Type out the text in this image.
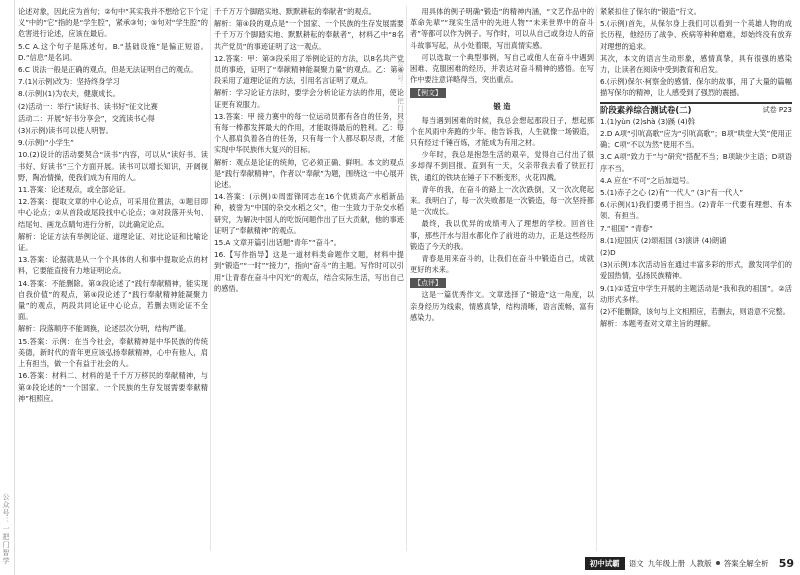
公众号：一把门智学

论述对象，因此应为首句；②句中“其实我并不想给它下个定义”中的“它”指的是“学生腔”，紧承③句；⑤句对“学生腔”的危害进行论述，应该在最后。

5.C A.这个句子是陈述句。B.“基础设施”是偏正短语。D.“信息”是名词。

6.C 说法一般是正确的观点，但是无法证明自己的观点。

7.(1)(示例)改为：坚持终身学习

8.(示例)(1)为农夫，健康成长。

(2)活动一：举行“读好书、读书好”征文比赛

活动二：开展“好书分享会”，交流读书心得

(3)(示例)读书可以使人明智。

9.(示例)“小学生”

10.(2)设计的活动要契合“读书”内容，可以从“读好书、读书好、好读书”三个方面开展。读书可以增长知识，开阔视野，陶冶情操，使我们成为有用的人。

11.答案：论述观点，或全部论证。

12.答案：提取文章的中心论点，可采用位置法，①题目即中心论点；②从首段或尾段找中心论点；③对段落开头句、结尾句、画龙点睛句进行分析，以此确定论点。

解析：论证方法有举例论证、道理论证、对比论证和比喻论证。

13.答案：论据就是从一个个具体的人和事中提取论点的材料，它要能直接有力地证明论点。

14.答案：不能删除。第③段论述了“践行奉献精神，能实现自我价值”的观点，第④段论述了“践行奉献精神能凝聚力量”的观点，两段共同论证中心论点，若删去则论证不全面。

解析：段落顺序不能调换，论述层次分明，结构严谨。

15.答案：示例：在当今社会，奉献精神是中华民族的传统美德，新时代的青年更应该弘扬奉献精神，心中有他人，肩上有担当，做一个有益于社会的人。

16.答案：材料二、材料的是千千万万移民的奉献精神，与第③段论述的“一个国家、一个民族的生存发展需要奉献精神”相照应。

千千万万个脚踏实地、默默耕耘的奉献者”的观点。

解析：第④段的观点是“一个国家、一个民族的生存发展需要千千万万个脚踏实地、默默耕耘的奉献者”，材料乙中“8名共产党员”的事迹证明了这一观点。

12.答案：甲：第③段采用了举例论证的方法，以8名共产党员的事迹，证明了“奉献精神能凝聚力量”的观点。乙：第④段采用了道理论证的方法，引用名言证明了观点。

解析：学习论证方法时，要学会分析论证方法的作用，使论证更有说服力。

13.答案：甲 接力赛中的每一位运动员都有各自的任务，只有每一棒都发挥最大的作用，才能取得最后的胜利。乙：每个人都肩负着各自的任务，只有每一个人都尽职尽责，才能实现中华民族伟大复兴的目标。

解析：观点是论证的统帅，它必须正确、鲜明。本文的观点是“践行奉献精神”，作者以“奉献”为题，围绕这一中心展开论述。

14.答案：(示例)①周雷锋同志在16个优质高产水稻新品种，被誉为“中国的杂交水稻之父”，他一生致力于杂交水稻研究，为解决中国人的吃饭问题作出了巨大贡献，他的事迹证明了“奉献精神”的观点。

15.A 文章开篇引出话题“青年”“奋斗”。

16.【写作指导】这是一道材料类命题作文题，材料中提到“锻造”“一时”“接力”，指向“奋斗”的主题。写作时可以引用“让青春在奋斗中闪光”的观点，结合实际生活，写出自己的感悟。

公众号：一把门智学

用具体的例子明确“锻造”的精神内涵，“文艺作品中的革命先辈”“现实生活中的先进人物”“未来世界中的奋斗者”等都可以作为例子。写作时，可以从自己或身边人的奋斗故事写起，从小处着眼，写出真情实感。

可以选取一个典型事例，写自己或他人在奋斗中遇到困难、克服困难的经历，并表达对奋斗精神的感悟。在写作中要注意详略得当，突出重点。

【例文】
锻 造

每当遇到困难的时候，我总会想起那段日子，想起那个在风雨中奔跑的少年。他告诉我，人生就像一场锻造，只有经过千锤百炼，才能成为有用之材。

少年时，我总是抱怨生活的艰辛，觉得自己付出了很多却得不到回报。直到有一天，父亲带我去看了铁匠打铁，通红的铁块在锤子下不断变形，火花四溅。

青年的我，在奋斗的路上一次次跌倒，又一次次爬起来。我明白了，每一次失败都是一次锻造，每一次坚持都是一次成长。

最终，我以优异的成绩考入了理想的学校。回首往事，那些汗水与泪水都化作了前进的动力，正是这些经历锻造了今天的我。

青春是用来奋斗的，让我们在奋斗中锻造自己，成就更好的未来。

【点评】

这是一篇优秀作文。文章选择了“锻造”这一角度，以亲身经历为线索，情感真挚，结构清晰，语言流畅，富有感染力。

紧紧扣住了保尔的“锻造”行文。

5.(示例)首先，从保尔身上我们可以看到一个英雄人物的成长历程，他经历了战争、疾病等种种磨难，却始终没有放弃对理想的追求。

其次，本文的语言生动形象，感情真挚，具有很强的感染力，让读者在阅读中受到教育和启发。

6.(示例)保尔·柯察金的感情、保尔的故事，用了大量的篇幅描写保尔的精神，让人感受到了强烈的震撼。

阶段素养综合测试卷(二)	试卷 P23

1.(1)yùn (2)shà (3)蹊 (4)斡

2.D A项“引吭高歌”应为“引吭高歌”；B项“哄堂大笑”使用正确；C项“不以为然”使用不当。

3.C A项“致力于”与“研究”搭配不当；B项缺少主语；D项语序不当。

4.A 应在“不可”之后加逗号。

5.(1)赤子之心 (2)有“一代人” (3)“有一代人”

6.(示例)(1)我们要勇于担当。(2)青年一代要有理想、有本领、有担当。

7.“祖国” “青春”

8.(1)迎国庆 (2)颂祖国 (3)演讲 (4)朗诵

(2)D

(3)(示例)本次活动旨在通过丰富多彩的形式，激发同学们的爱国热情，弘扬民族精神。

9.(1)①适宜中学生开展的主题活动是“我和我的祖国”。②活动形式多样。

(2)不能删除，该句与上文相照应，若删去，则语意不完整。

解析：本题考查对文章主旨的理解。

初中试霸	语文 九年级上册 人教版 答案全解全析 59
